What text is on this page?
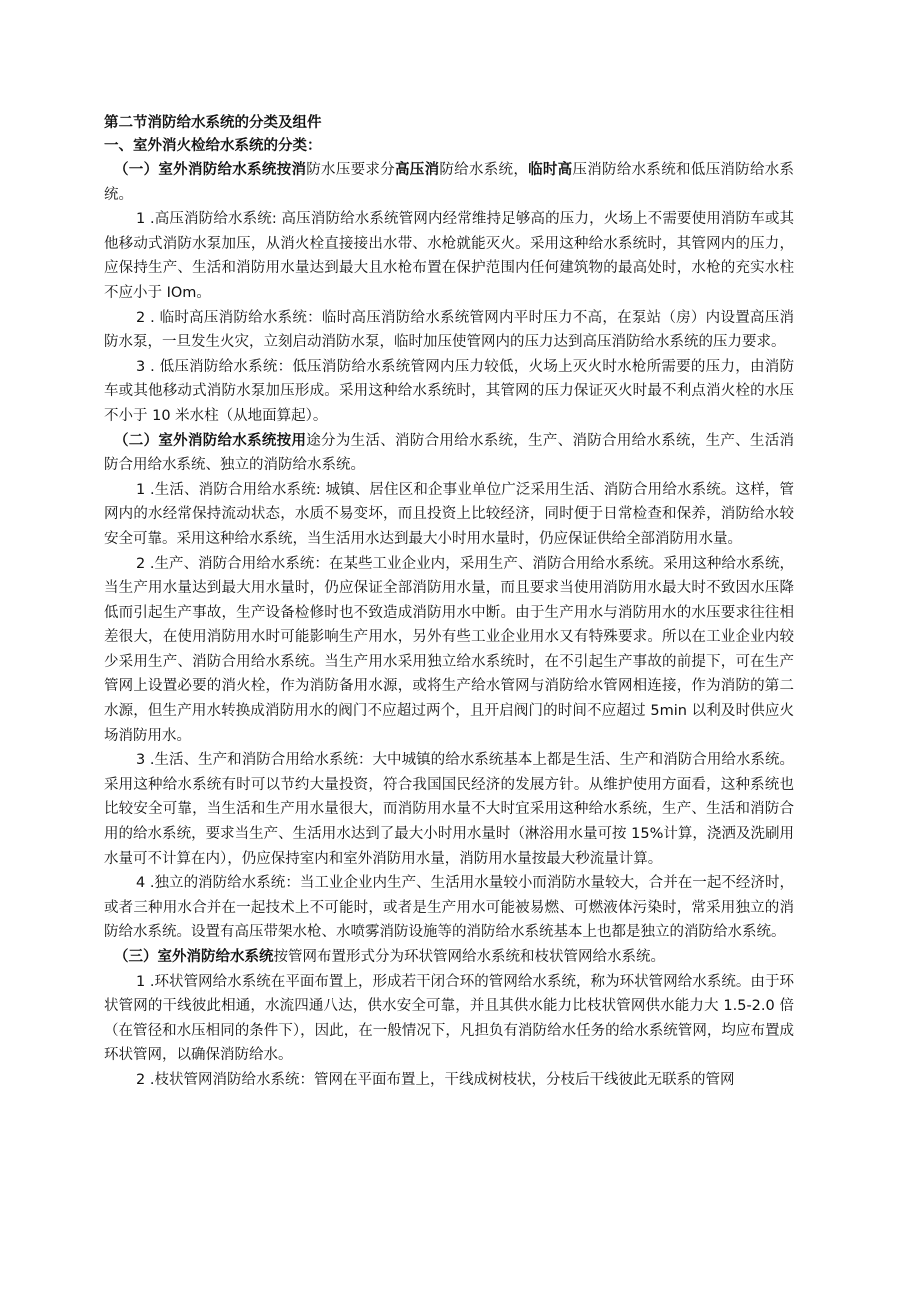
第二节消防给水系统的分类及组件
一、室外消火检给水系统的分类：
（一）室外消防给水系统按消防水压要求分高压消防给水系统，临时高压消防给水系统和低压消防给水系统。
1 .高压消防给水系统: 高压消防给水系统管网内经常维持足够高的压力，火场上不需要使用消防车或其他移动式消防水泵加压，从消火栓直接接出水带、水枪就能灭火。采用这种给水系统时，其管网内的压力，应保持生产、生活和消防用水量达到最大且水枪布置在保护范围内任何建筑物的最高处时，水枪的充实水柱不应小于 IOm。
2 . 临时高压消防给水系统：临时高压消防给水系统管网内平时压力不高，在泵站（房）内设置高压消防水泵，一旦发生火灾，立刻启动消防水泵，临时加压使管网内的压力达到高压消防给水系统的压力要求。
3 . 低压消防给水系统：低压消防给水系统管网内压力较低，火场上灭火时水枪所需要的压力，由消防车或其他移动式消防水泵加压形成。采用这种给水系统时，其管网的压力保证灭火时最不利点消火栓的水压不小于 10 米水柱（从地面算起）。
（二）室外消防给水系统按用途分为生活、消防合用给水系统，生产、消防合用给水系统，生产、生活消防合用给水系统、独立的消防给水系统。
1 .生活、消防合用给水系统: 城镇、居住区和企事业单位广泛采用生活、消防合用给水系统。这样，管网内的水经常保持流动状态，水质不易变坏，而且投资上比较经济，同时便于日常检查和保养，消防给水较安全可靠。采用这种给水系统，当生活用水达到最大小时用水量时，仍应保证供给全部消防用水量。
2 .生产、消防合用给水系统：在某些工业企业内，采用生产、消防合用给水系统。采用这种给水系统，当生产用水量达到最大用水量时，仍应保证全部消防用水量，而且要求当使用消防用水最大时不致因水压降低而引起生产事故，生产设备检修时也不致造成消防用水中断。由于生产用水与消防用水的水压要求往往相差很大，在使用消防用水时可能影响生产用水，另外有些工业企业用水又有特殊要求。所以在工业企业内较少采用生产、消防合用给水系统。当生产用水采用独立给水系统时，在不引起生产事故的前提下，可在生产管网上设置必要的消火栓，作为消防备用水源，或将生产给水管网与消防给水管网相连接，作为消防的第二水源，但生产用水转换成消防用水的阀门不应超过两个，且开启阀门的时间不应超过 5min 以利及时供应火场消防用水。
3 .生活、生产和消防合用给水系统：大中城镇的给水系统基本上都是生活、生产和消防合用给水系统。采用这种给水系统有时可以节约大量投资，符合我国国民经济的发展方针。从维护使用方面看，这种系统也比较安全可靠，当生活和生产用水量很大，而消防用水量不大时宜采用这种给水系统，生产、生活和消防合用的给水系统，要求当生产、生活用水达到了最大小时用水量时（淋浴用水量可按 15%计算，浇洒及洗刷用水量可不计算在内），仍应保持室内和室外消防用水量，消防用水量按最大秒流量计算。
4 .独立的消防给水系统：当工业企业内生产、生活用水量较小而消防水量较大，合并在一起不经济时，或者三种用水合并在一起技术上不可能时，或者是生产用水可能被易燃、可燃液体污染时，常采用独立的消防给水系统。设置有高压带架水枪、水喷雾消防设施等的消防给水系统基本上也都是独立的消防给水系统。
（三）室外消防给水系统按管网布置形式分为环状管网给水系统和枝状管网给水系统。
1 .环状管网给水系统在平面布置上，形成若干闭合环的管网给水系统，称为环状管网给水系统。由于环状管网的干线彼此相通，水流四通八达，供水安全可靠，并且其供水能力比枝状管网供水能力大 1.5-2.0 倍（在管径和水压相同的条件下），因此，在一般情况下，凡担负有消防给水任务的给水系统管网，均应布置成环状管网，以确保消防给水。
2 .枝状管网消防给水系统：管网在平面布置上，干线成树枝状，分枝后干线彼此无联系的管网
